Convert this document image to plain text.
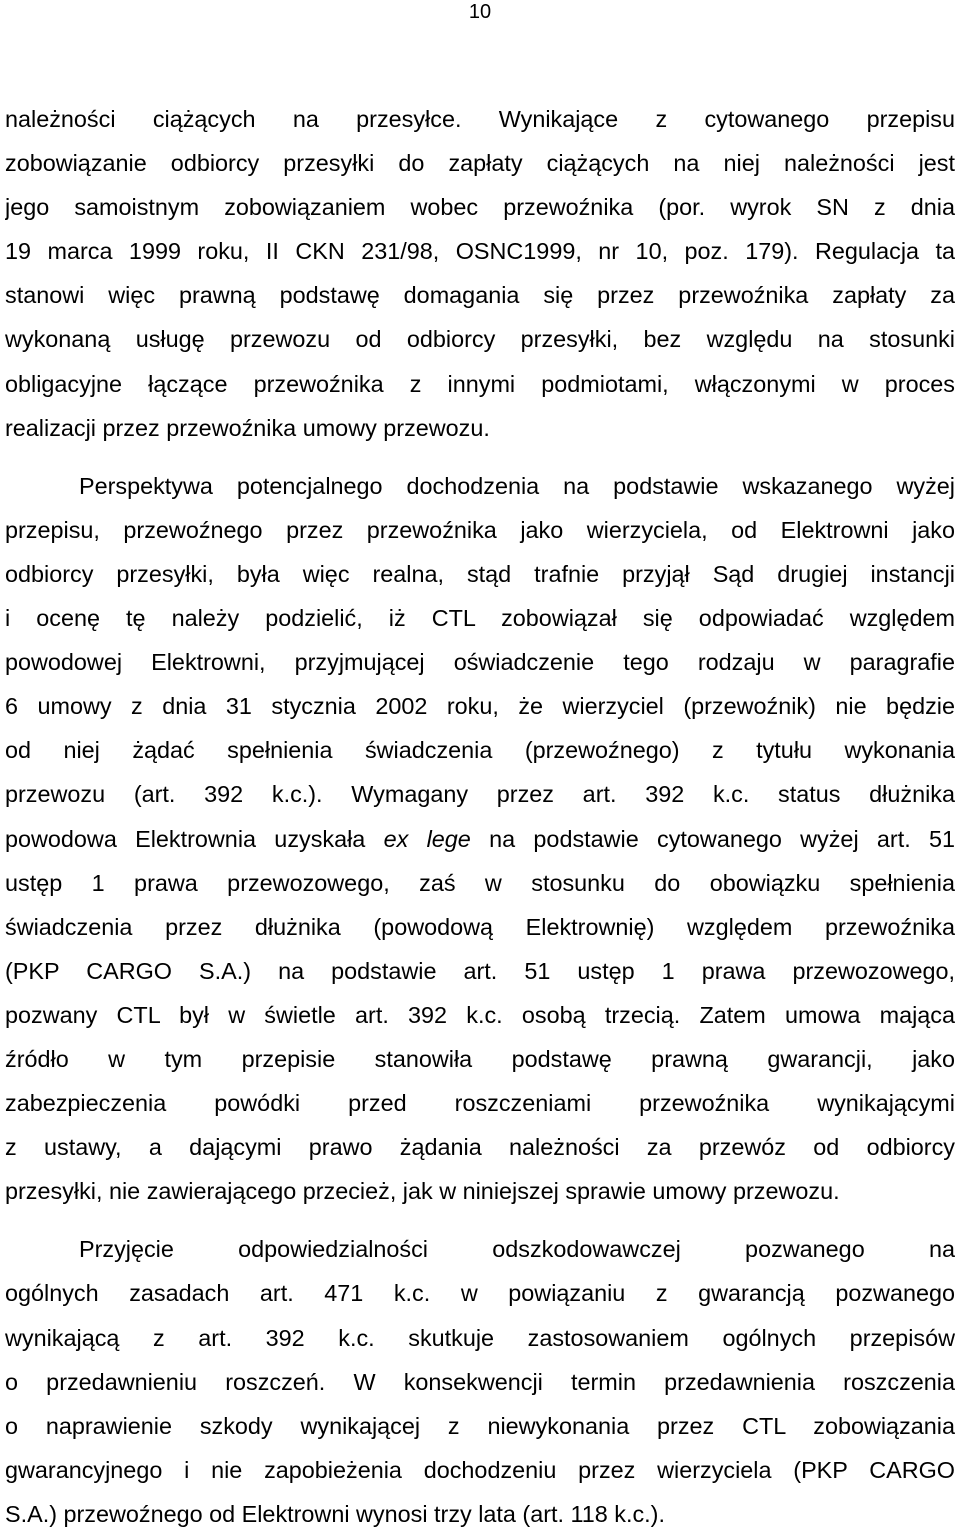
10
należności ciążących na przesyłce. Wynikające z cytowanego przepisu
zobowiązanie odbiorcy przesyłki do zapłaty ciążących na niej należności jest
jego samoistnym zobowiązaniem wobec przewoźnika (por. wyrok SN z dnia
19 marca 1999 roku, II CKN 231/98, OSNC1999, nr 10, poz. 179). Regulacja ta
stanowi więc prawną podstawę domagania się przez przewoźnika zapłaty za
wykonaną usługę przewozu od odbiorcy przesyłki, bez względu na stosunki
obligacyjne łączące przewoźnika z innymi podmiotami, włączonymi w proces
realizacji przez przewoźnika umowy przewozu.
Perspektywa potencjalnego dochodzenia na podstawie wskazanego wyżej
przepisu, przewoźnego przez przewoźnika jako wierzyciela, od Elektrowni jako
odbiorcy przesyłki, była więc realna, stąd trafnie przyjął Sąd drugiej instancji
i ocenę tę należy podzielić, iż CTL zobowiązał się odpowiadać względem
powodowej Elektrowni, przyjmującej oświadczenie tego rodzaju w paragrafie
6 umowy z dnia 31 stycznia 2002 roku, że wierzyciel (przewoźnik) nie będzie
od niej żądać spełnienia świadczenia (przewoźnego) z tytułu wykonania
przewozu (art. 392 k.c.). Wymagany przez art. 392 k.c. status dłużnika
powodowa Elektrownia uzyskała ex lege na podstawie cytowanego wyżej art. 51
ustęp 1 prawa przewozowego, zaś w stosunku do obowiązku spełnienia
świadczenia przez dłużnika (powodową Elektrownię) względem przewoźnika
(PKP CARGO S.A.) na podstawie art. 51 ustęp 1 prawa przewozowego,
pozwany CTL był w świetle art. 392 k.c. osobą trzecią. Zatem umowa mająca
źródło w tym przepisie stanowiła podstawę prawną gwarancji, jako
zabezpieczenia powódki przed roszczeniami przewoźnika wynikającymi
z ustawy, a dającymi prawo żądania należności za przewóz od odbiorcy
przesyłki, nie zawierającego przecież, jak w niniejszej sprawie umowy przewozu.
Przyjęcie odpowiedzialności odszkodowawczej pozwanego na
ogólnych zasadach art. 471 k.c. w powiązaniu z gwarancją pozwanego
wynikającą z art. 392 k.c. skutkuje zastosowaniem ogólnych przepisów
o przedawnieniu roszczeń. W konsekwencji termin przedawnienia roszczenia
o naprawienie szkody wynikającej z niewykonania przez CTL zobowiązania
gwarancyjnego i nie zapobieżenia dochodzeniu przez wierzyciela (PKP CARGO
S.A.) przewoźnego od Elektrowni wynosi trzy lata (art. 118 k.c.).
